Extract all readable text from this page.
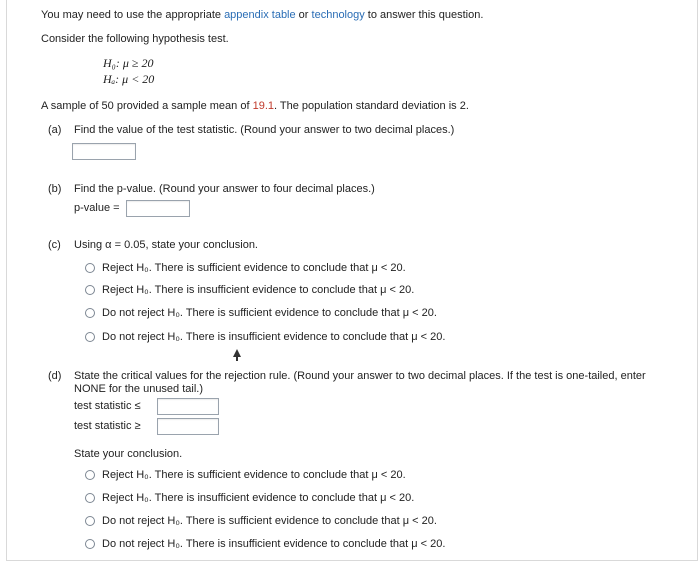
You may need to use the appropriate appendix table or technology to answer this question.
Consider the following hypothesis test.
H₀: μ ≥ 20
Hₐ: μ < 20
A sample of 50 provided a sample mean of 19.1. The population standard deviation is 2.
(a) Find the value of the test statistic. (Round your answer to two decimal places.)
(b) Find the p-value. (Round your answer to four decimal places.)
p-value =
(c) Using α = 0.05, state your conclusion.
Reject H₀. There is sufficient evidence to conclude that μ < 20.
Reject H₀. There is insufficient evidence to conclude that μ < 20.
Do not reject H₀. There is sufficient evidence to conclude that μ < 20.
Do not reject H₀. There is insufficient evidence to conclude that μ < 20.
(d) State the critical values for the rejection rule. (Round your answer to two decimal places. If the test is one-tailed, enter
NONE for the unused tail.)
test statistic ≤
test statistic ≥
State your conclusion.
Reject H₀. There is sufficient evidence to conclude that μ < 20.
Reject H₀. There is insufficient evidence to conclude that μ < 20.
Do not reject H₀. There is sufficient evidence to conclude that μ < 20.
Do not reject H₀. There is insufficient evidence to conclude that μ < 20.
